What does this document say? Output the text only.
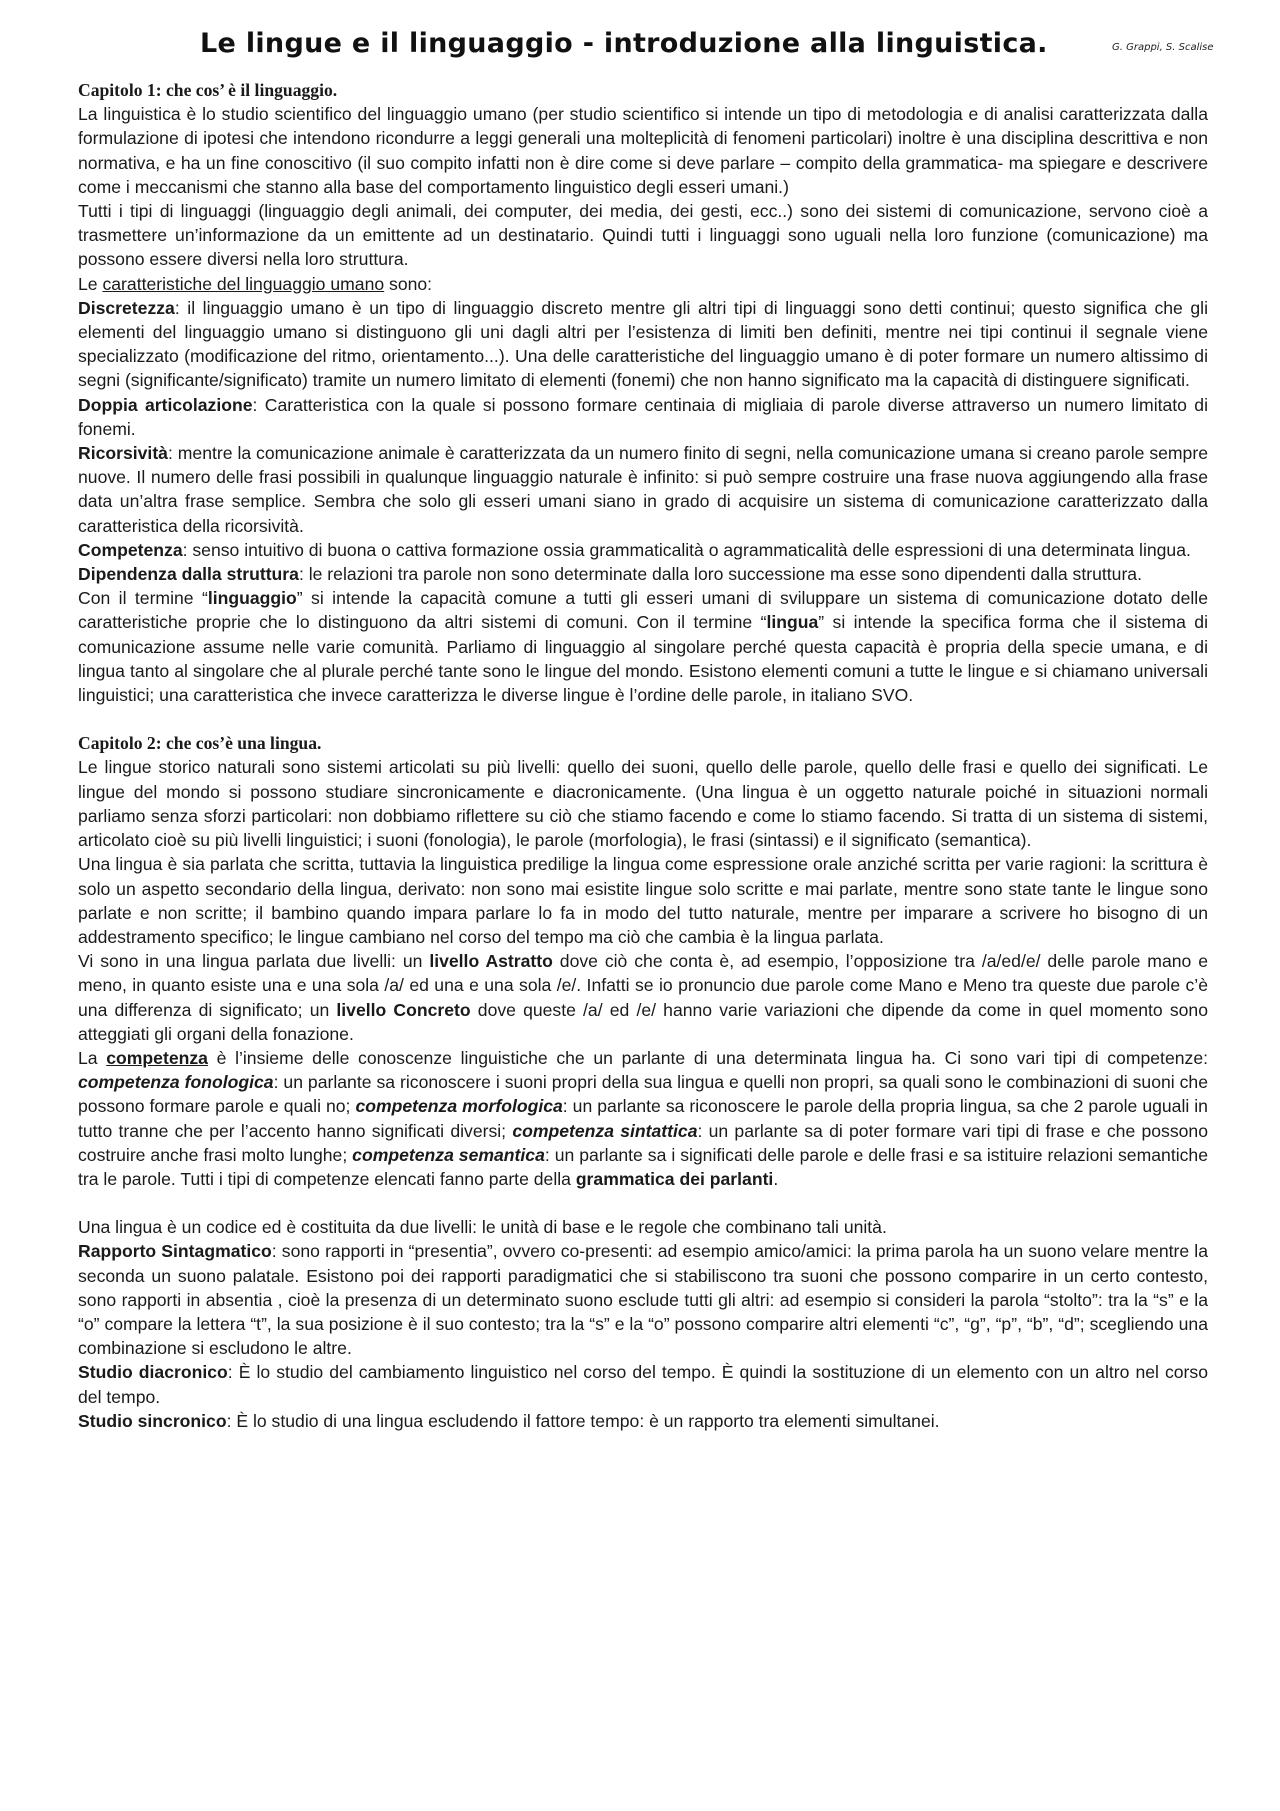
Le lingue e il linguaggio - introduzione alla linguistica.	G. Grappi, S. Scalise

Capitolo 1: che cos’ è il linguaggio.

La linguistica è lo studio scientifico del linguaggio umano (per studio scientifico si intende un tipo di metodologia e di analisi caratterizzata dalla formulazione di ipotesi che intendono ricondurre a leggi generali una molteplicità di fenomeni particolari) inoltre è una disciplina descrittiva e non normativa, e ha un fine conoscitivo (il suo compito infatti non è dire come si deve parlare – compito della grammatica- ma spiegare e descrivere come i meccanismi che stanno alla base del comportamento linguistico degli esseri umani.)

Tutti i tipi di linguaggi (linguaggio degli animali, dei computer, dei media, dei gesti, ecc..) sono dei sistemi di comunicazione, servono cioè a trasmettere un’informazione da un emittente ad un destinatario. Quindi tutti i linguaggi sono uguali nella loro funzione (comunicazione) ma possono essere diversi nella loro struttura.

Le caratteristiche del linguaggio umano sono:

Discretezza: il linguaggio umano è un tipo di linguaggio discreto mentre gli altri tipi di linguaggi sono detti continui; questo significa che gli elementi del linguaggio umano si distinguono gli uni dagli altri per l’esistenza di limiti ben definiti, mentre nei tipi continui il segnale viene specializzato (modificazione del ritmo, orientamento...). Una delle caratteristiche del linguaggio umano è di poter formare un numero altissimo di segni (significante/significato) tramite un numero limitato di elementi (fonemi) che non hanno significato ma la capacità di distinguere significati.

Doppia articolazione: Caratteristica con la quale si possono formare centinaia di migliaia di parole diverse attraverso un numero limitato di fonemi.

Ricorsività: mentre la comunicazione animale è caratterizzata da un numero finito di segni, nella comunicazione umana si creano parole sempre nuove. Il numero delle frasi possibili in qualunque linguaggio naturale è infinito: si può sempre costruire una frase nuova aggiungendo alla frase data un’altra frase semplice. Sembra che solo gli esseri umani siano in grado di acquisire un sistema di comunicazione caratterizzato dalla caratteristica della ricorsività.

Competenza: senso intuitivo di buona o cattiva formazione ossia grammaticalità o agrammaticalità delle espressioni di una determinata lingua.

Dipendenza dalla struttura: le relazioni tra parole non sono determinate dalla loro successione ma esse sono dipendenti dalla struttura.

Con il termine “linguaggio” si intende la capacità comune a tutti gli esseri umani di sviluppare un sistema di comunicazione dotato delle caratteristiche proprie che lo distinguono da altri sistemi di comuni. Con il termine “lingua” si intende la specifica forma che il sistema di comunicazione assume nelle varie comunità. Parliamo di linguaggio al singolare perché questa capacità è propria della specie umana, e di lingua tanto al singolare che al plurale perché tante sono le lingue del mondo. Esistono elementi comuni a tutte le lingue e si chiamano universali linguistici; una caratteristica che invece caratterizza le diverse lingue è l’ordine delle parole, in italiano SVO.

Capitolo 2: che cos’è una lingua.

Le lingue storico naturali sono sistemi articolati su più livelli: quello dei suoni, quello delle parole, quello delle frasi e quello dei significati. Le lingue del mondo si possono studiare sincronicamente e diacronicamente. (Una lingua è un oggetto naturale poiché in situazioni normali parliamo senza sforzi particolari: non dobbiamo riflettere su ciò che stiamo facendo e come lo stiamo facendo. Si tratta di un sistema di sistemi, articolato cioè su più livelli linguistici; i suoni (fonologia), le parole (morfologia), le frasi (sintassi) e il significato (semantica).

Una lingua è sia parlata che scritta, tuttavia la linguistica predilige la lingua come espressione orale anziché scritta per varie ragioni: la scrittura è solo un aspetto secondario della lingua, derivato: non sono mai esistite lingue solo scritte e mai parlate, mentre sono state tante le lingue sono parlate e non scritte; il bambino quando impara parlare lo fa in modo del tutto naturale, mentre per imparare a scrivere ho bisogno di un addestramento specifico; le lingue cambiano nel corso del tempo ma ciò che cambia è la lingua parlata.

Vi sono in una lingua parlata due livelli: un livello Astratto dove ciò che conta è, ad esempio, l’opposizione tra /a/ed/e/ delle parole mano e meno, in quanto esiste una e una sola /a/ ed una e una sola /e/. Infatti se io pronuncio due parole come Mano e Meno tra queste due parole c’è una differenza di significato; un livello Concreto dove queste /a/ ed /e/ hanno varie variazioni che dipende da come in quel momento sono atteggiati gli organi della fonazione.

La competenza è l’insieme delle conoscenze linguistiche che un parlante di una determinata lingua ha. Ci sono vari tipi di competenze: competenza fonologica: un parlante sa riconoscere i suoni propri della sua lingua e quelli non propri, sa quali sono le combinazioni di suoni che possono formare parole e quali no; competenza morfologica: un parlante sa riconoscere le parole della propria lingua, sa che 2 parole uguali in tutto tranne che per l’accento hanno significati diversi; competenza sintattica: un parlante sa di poter formare vari tipi di frase e che possono costruire anche frasi molto lunghe; competenza semantica: un parlante sa i significati delle parole e delle frasi e sa istituire relazioni semantiche tra le parole. Tutti i tipi di competenze elencati fanno parte della grammatica dei parlanti.

Una lingua è un codice ed è costituita da due livelli: le unità di base e le regole che combinano tali unità.

Rapporto Sintagmatico: sono rapporti in “presentia”, ovvero co-presenti: ad esempio amico/amici: la prima parola ha un suono velare mentre la seconda un suono palatale. Esistono poi dei rapporti paradigmatici che si stabiliscono tra suoni che possono comparire in un certo contesto, sono rapporti in absentia , cioè la presenza di un determinato suono esclude tutti gli altri: ad esempio si consideri la parola “stolto”: tra la “s” e la “o” compare la lettera “t”, la sua posizione è il suo contesto; tra la “s” e la “o” possono comparire altri elementi “c”, “g”, “p”, “b”, “d”; scegliendo una combinazione si escludono le altre.

Studio diacronico: È lo studio del cambiamento linguistico nel corso del tempo. È quindi la sostituzione di un elemento con un altro nel corso del tempo.

Studio sincronico: È lo studio di una lingua escludendo il fattore tempo: è un rapporto tra elementi simultanei.
